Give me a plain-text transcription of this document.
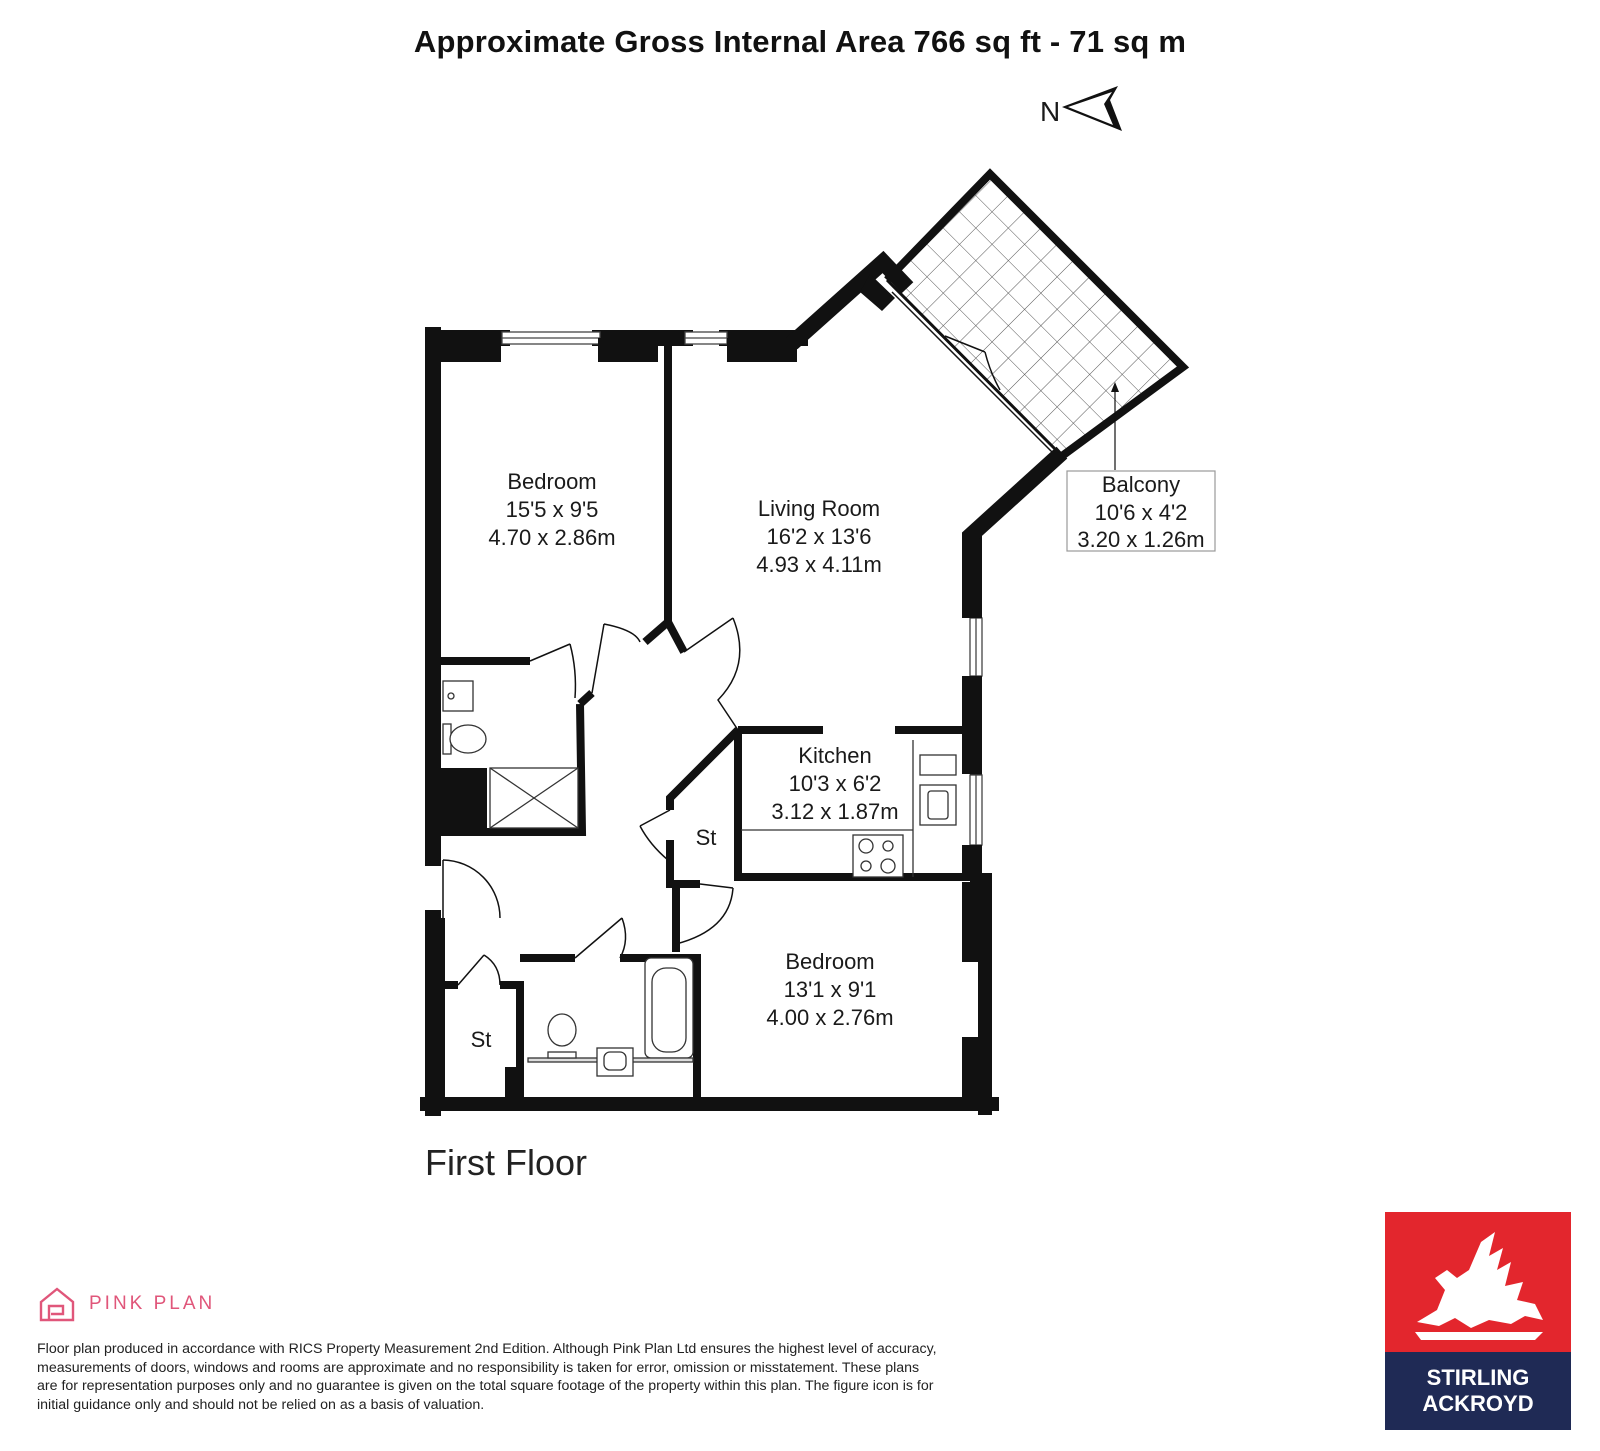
Approximate Gross Internal Area 766 sq ft - 71 sq m
N
Bedroom
15'5 x 9'5
4.70 x 2.86m
Living Room
16'2 x 13'6
4.93 x 4.11m
Balcony
10'6 x 4'2
3.20 x 1.26m
Kitchen
10'3 x 6'2
3.12 x 1.87m
St
Bedroom
13'1 x 9'1
4.00 x 2.76m
St
First Floor
PINK PLAN
Floor plan produced in accordance with RICS Property Measurement 2nd Edition. Although Pink Plan Ltd ensures the highest level of accuracy, measurements of doors, windows and rooms are approximate and no responsibility is taken for error, omission or misstatement. These plans are for representation purposes only and no guarantee is given on the total square footage of the property within this plan. The figure icon is for initial guidance only and should not be relied on as a basis of valuation.
STIRLING
ACKROYD
